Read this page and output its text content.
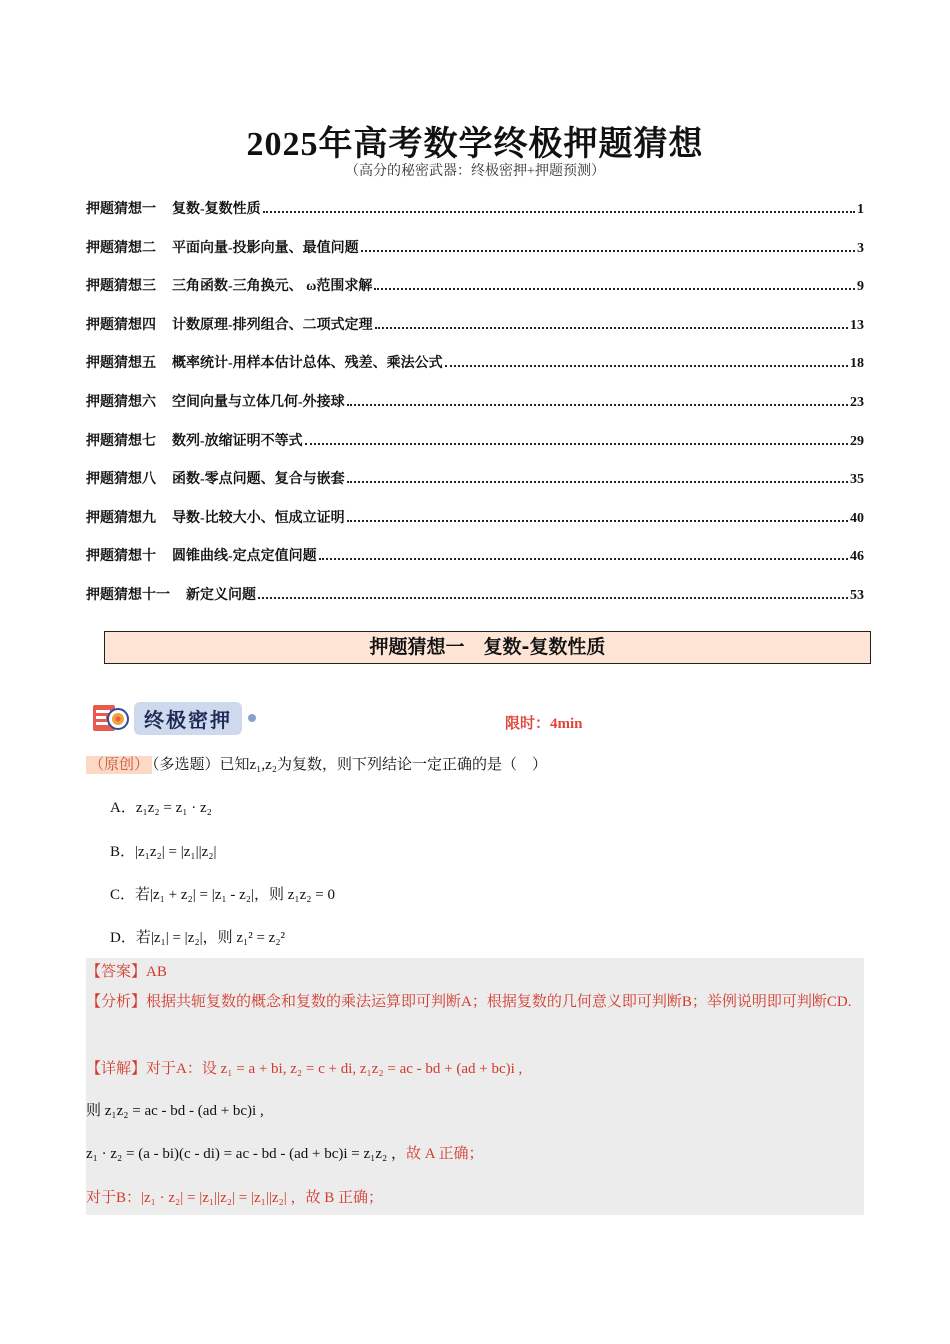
2025年高考数学终极押题猜想
（高分的秘密武器：终极密押+押题预测）
押题猜想一 复数-复数性质	1
押题猜想二 平面向量-投影向量、最值问题	3
押题猜想三 三角函数-三角换元、 ω范围求解	9
押题猜想四 计数原理-排列组合、二项式定理	13
押题猜想五 概率统计-用样本估计总体、残差、乘法公式	18
押题猜想六 空间向量与立体几何-外接球	23
押题猜想七 数列-放缩证明不等式	29
押题猜想八 函数-零点问题、复合与嵌套	35
押题猜想九 导数-比较大小、恒成立证明	40
押题猜想十 圆锥曲线-定点定值问题	46
押题猜想十一 新定义问题	53
押题猜想一　复数-复数性质
终极密押	限时：4min
（原创） （多选题）已知z₁,z₂为复数，则下列结论一定正确的是（　）
A．z₁z₂ = z₁ · z₂
B．|z₁z₂| = |z₁||z₂|
C．若|z₁ + z₂| = |z₁ - z₂|，则 z₁z₂ = 0
D．若|z₁| = |z₂|，则 z₁² = z₂²
【答案】AB
【分析】根据共轭复数的概念和复数的乘法运算即可判断A；根据复数的几何意义即可判断B；举例说明即可判断CD.
【详解】对于A：设 z₁ = a + bi, z₂ = c + di, z₁z₂ = ac - bd + (ad + bc)i ,
则 z₁z₂ = ac - bd - (ad + bc)i ,
z₁ · z₂ = (a - bi)(c - di) = ac - bd - (ad + bc)i = z₁z₂ ，故 A 正确；
对于B：|z₁ · z₂| = |z₁||z₂| = |z₁||z₂| ，故 B 正确；
